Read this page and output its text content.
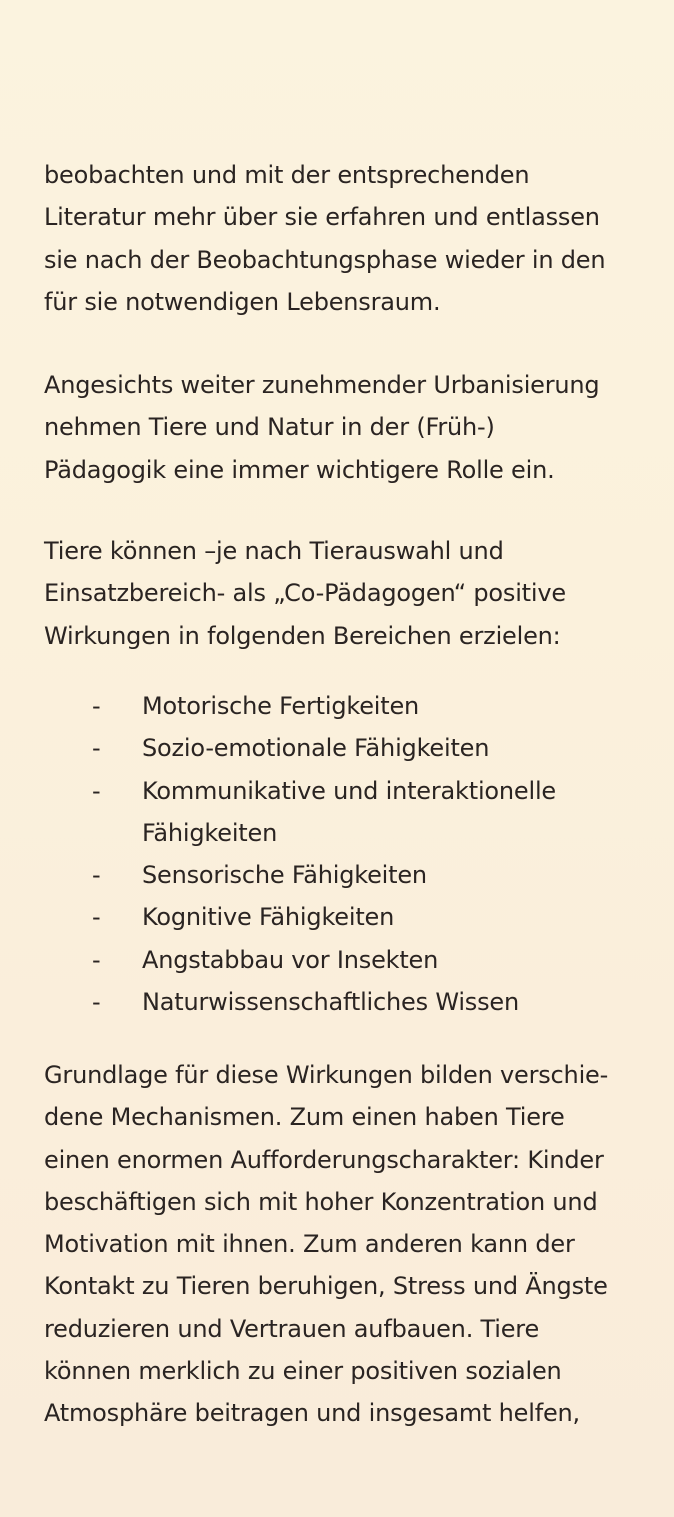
beobachten und mit der entsprechenden
Literatur mehr über sie erfahren und entlassen
sie nach der Beobachtungsphase wieder in den
für sie notwendigen Lebensraum.

Angesichts weiter zunehmender Urbanisierung
nehmen Tiere und Natur in der (Früh-)
Pädagogik eine immer wichtigere Rolle ein.

Tiere können –je nach Tierauswahl und
Einsatzbereich- als „Co-Pädagogen“ positive
Wirkungen in folgenden Bereichen erzielen:

- Motorische Fertigkeiten
- Sozio-emotionale Fähigkeiten
- Kommunikative und interaktionelle
Fähigkeiten
- Sensorische Fähigkeiten
- Kognitive Fähigkeiten
- Angstabbau vor Insekten
- Naturwissenschaftliches Wissen

Grundlage für diese Wirkungen bilden verschie-
dene Mechanismen. Zum einen haben Tiere
einen enormen Aufforderungscharakter: Kinder
beschäftigen sich mit hoher Konzentration und
Motivation mit ihnen. Zum anderen kann der
Kontakt zu Tieren beruhigen, Stress und Ängste
reduzieren und Vertrauen aufbauen. Tiere
können merklich zu einer positiven sozialen
Atmosphäre beitragen und insgesamt helfen,
